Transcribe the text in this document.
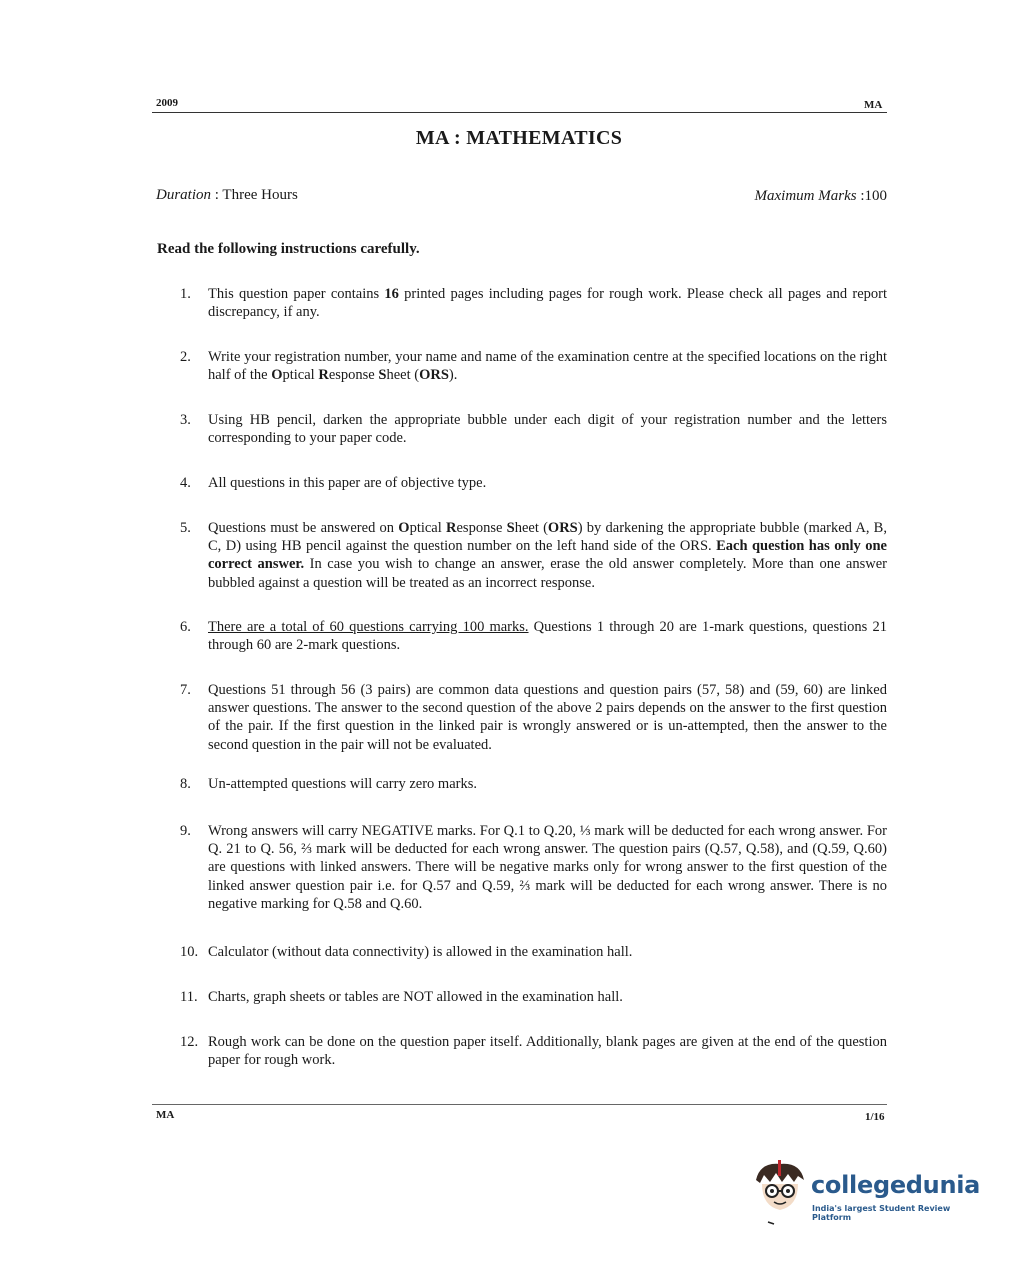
2009	MA
MA : MATHEMATICS
Duration : Three Hours	Maximum Marks :100
Read the following instructions carefully.
1.	This question paper contains 16 printed pages including pages for rough work. Please check all pages and report discrepancy, if any.
2.	Write your registration number, your name and name of the examination centre at the specified locations on the right half of the Optical Response Sheet (ORS).
3.	Using HB pencil, darken the appropriate bubble under each digit of your registration number and the letters corresponding to your paper code.
4.	All questions in this paper are of objective type.
5.	Questions must be answered on Optical Response Sheet (ORS) by darkening the appropriate bubble (marked A, B, C, D) using HB pencil against the question number on the left hand side of the ORS. Each question has only one correct answer. In case you wish to change an answer, erase the old answer completely. More than one answer bubbled against a question will be treated as an incorrect response.
6.	There are a total of 60 questions carrying 100 marks. Questions 1 through 20 are 1-mark questions, questions 21 through 60 are 2-mark questions.
7.	Questions 51 through 56 (3 pairs) are common data questions and question pairs (57, 58) and (59, 60) are linked answer questions. The answer to the second question of the above 2 pairs depends on the answer to the first question of the pair. If the first question in the linked pair is wrongly answered or is un-attempted, then the answer to the second question in the pair will not be evaluated.
8.	Un-attempted questions will carry zero marks.
9.	Wrong answers will carry NEGATIVE marks. For Q.1 to Q.20, ⅓ mark will be deducted for each wrong answer. For Q. 21 to Q. 56, ⅔ mark will be deducted for each wrong answer. The question pairs (Q.57, Q.58), and (Q.59, Q.60) are questions with linked answers. There will be negative marks only for wrong answer to the first question of the linked answer question pair i.e. for Q.57 and Q.59, ⅔ mark will be deducted for each wrong answer. There is no negative marking for Q.58 and Q.60.
10. Calculator (without data connectivity) is allowed in the examination hall.
11. Charts, graph sheets or tables are NOT allowed in the examination hall.
12. Rough work can be done on the question paper itself. Additionally, blank pages are given at the end of the question paper for rough work.
MA	1/16
collegedunia
India's largest Student Review Platform
